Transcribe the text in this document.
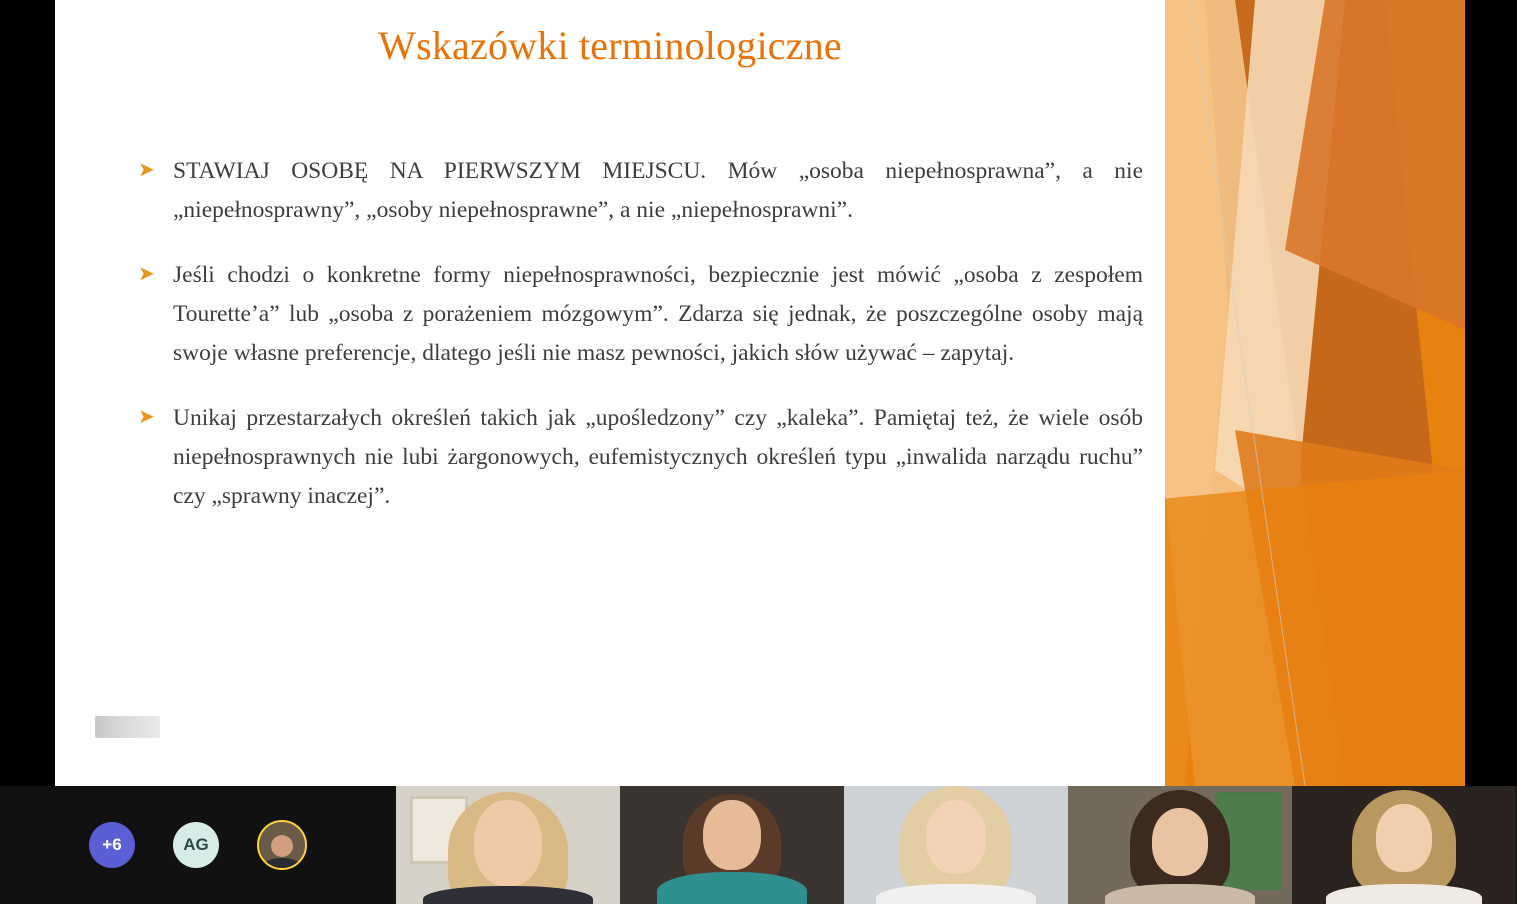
Wskazówki terminologiczne
➤ STAWIAJ OSOBĘ NA PIERWSZYM MIEJSCU. Mów „osoba niepełnosprawna”, a nie „niepełnosprawny”, „osoby niepełnosprawne”, a nie „niepełnosprawni”.
➤ Jeśli chodzi o konkretne formy niepełnosprawności, bezpiecznie jest mówić „osoba z zespołem Tourette’a” lub „osoba z porażeniem mózgowym”. Zdarza się jednak, że poszczególne osoby mają swoje własne preferencje, dlatego jeśli nie masz pewności, jakich słów używać – zapytaj.
➤ Unikaj przestarzałych określeń takich jak „upośledzony” czy „kaleka”. Pamiętaj też, że wiele osób niepełnosprawnych nie lubi żargonowych, eufemistycznych określeń typu „inwalida narządu ruchu” czy „sprawny inaczej”.
+6	AG
